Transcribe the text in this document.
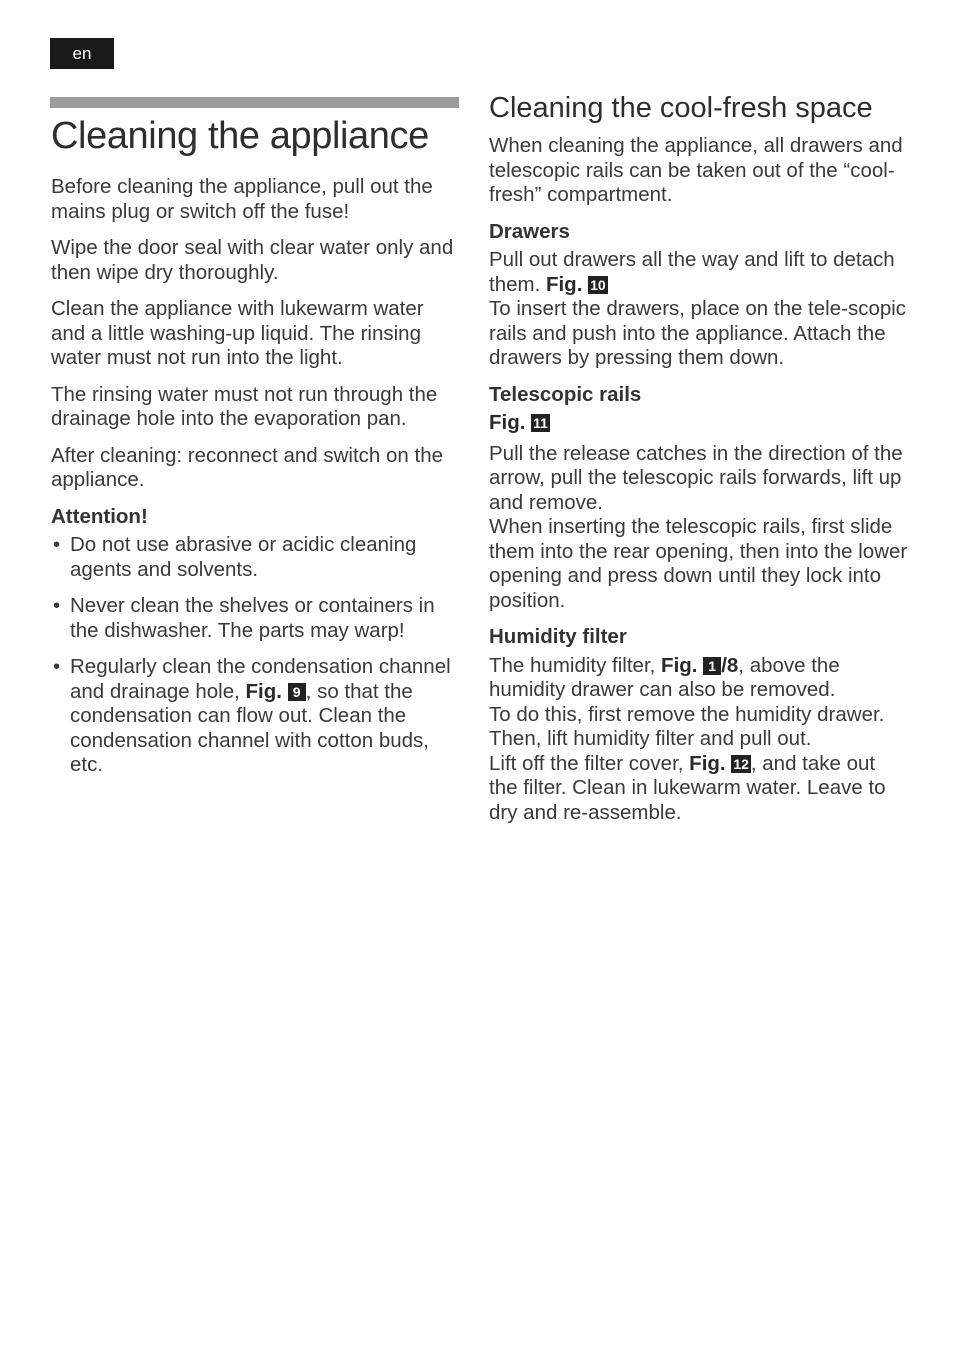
en
Cleaning the appliance

Before cleaning the appliance, pull out the mains plug or switch off the fuse!

Wipe the door seal with clear water only and then wipe dry thoroughly.

Clean the appliance with lukewarm water and a little washing-up liquid. The rinsing water must not run into the light.

The rinsing water must not run through the drainage hole into the evaporation pan.

After cleaning: reconnect and switch on the appliance.

Attention!
• Do not use abrasive or acidic cleaning agents and solvents.
• Never clean the shelves or containers in the dishwasher. The parts may warp!
• Regularly clean the condensation channel and drainage hole, Fig. 9 , so that the condensation can flow out. Clean the condensation channel with cotton buds, etc.
Cleaning the cool-fresh space

When cleaning the appliance, all drawers and telescopic rails can be taken out of the “cool-fresh” compartment.

Drawers

Pull out drawers all the way and lift to detach them. Fig. 10

To insert the drawers, place on the tele-scopic rails and push into the appliance. Attach the drawers by pressing them down.

Telescopic rails
Fig. 11

Pull the release catches in the direction of the arrow, pull the telescopic rails forwards, lift up and remove.

When inserting the telescopic rails, first slide them into the rear opening, then into the lower opening and press down until they lock into position.

Humidity filter

The humidity filter, Fig. 1 /8, above the humidity drawer can also be removed.

To do this, first remove the humidity drawer. Then, lift humidity filter and pull out.

Lift off the filter cover, Fig. 12, and take out the filter. Clean in lukewarm water. Leave to dry and re-assemble.
